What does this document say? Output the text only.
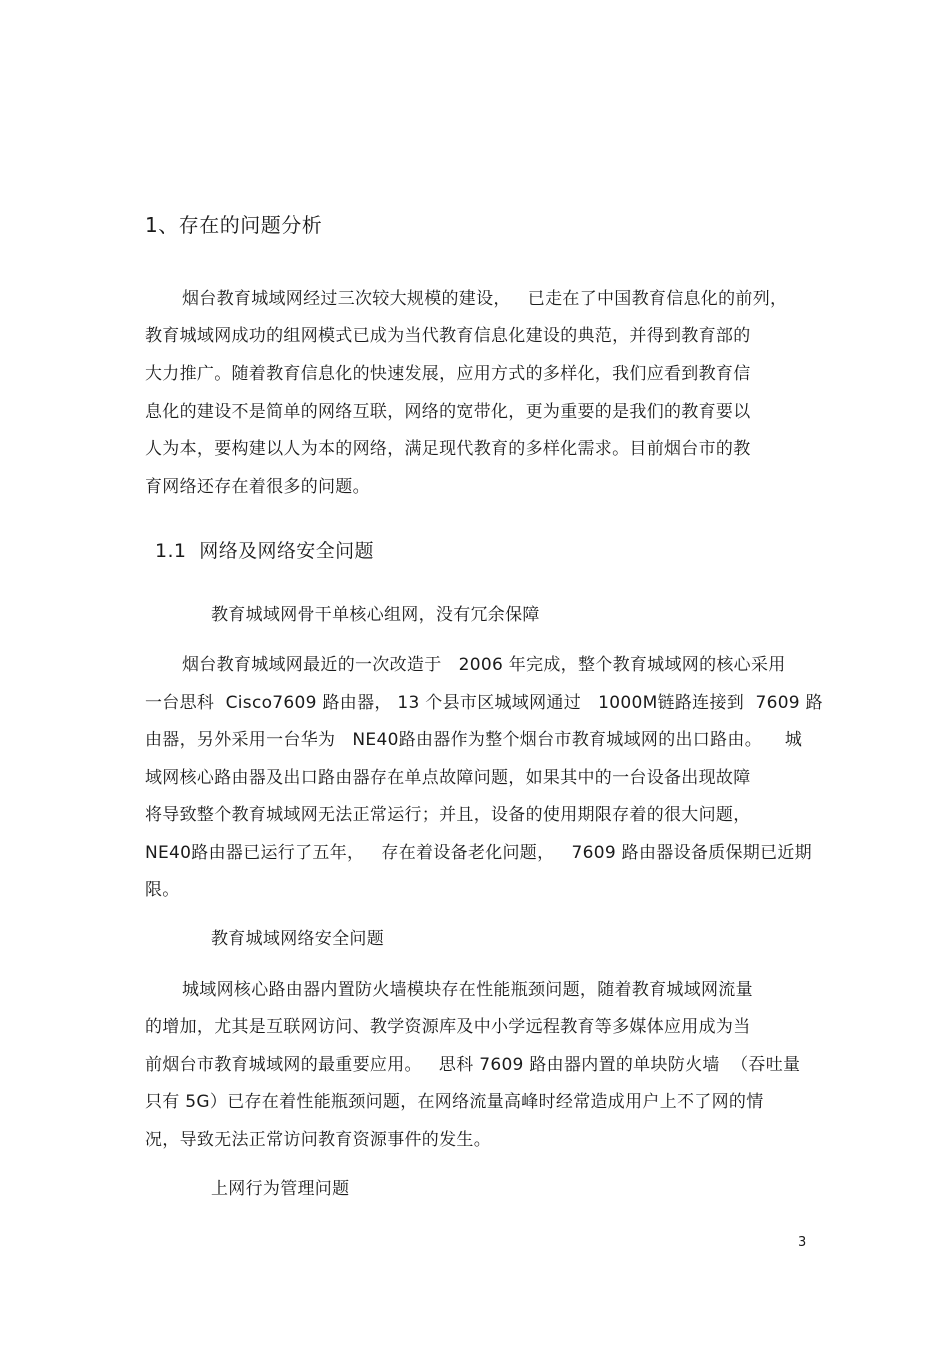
1、存在的问题分析
烟台教育城域网经过三次较大规模的建设，   已走在了中国教育信息化的前列，
教育城域网成功的组网模式已成为当代教育信息化建设的典范，并得到教育部的
大力推广。随着教育信息化的快速发展，应用方式的多样化，我们应看到教育信
息化的建设不是简单的网络互联，网络的宽带化，更为重要的是我们的教育要以
人为本，要构建以人为本的网络，满足现代教育的多样化需求。目前烟台市的教
育网络还存在着很多的问题。
1.1  网络及网络安全问题
教育城域网骨干单核心组网，没有冗余保障
烟台教育城域网最近的一次改造于   2006 年完成，整个教育城域网的核心采用
一台思科  Cisco7609 路由器， 13 个县市区城域网通过   1000M链路连接到  7609 路
由器，另外采用一台华为   NE40路由器作为整个烟台市教育城域网的出口路由。    城
域网核心路由器及出口路由器存在单点故障问题，如果其中的一台设备出现故障
将导致整个教育城域网无法正常运行；并且，设备的使用期限存着的很大问题，
NE40路由器已运行了五年，   存在着设备老化问题，   7609 路由器设备质保期已近期
限。
教育城域网络安全问题
城域网核心路由器内置防火墙模块存在性能瓶颈问题，随着教育城域网流量
的增加，尤其是互联网访问、教学资源库及中小学远程教育等多媒体应用成为当
前烟台市教育城域网的最重要应用。   思科 7609 路由器内置的单块防火墙  （吞吐量
只有 5G）已存在着性能瓶颈问题，在网络流量高峰时经常造成用户上不了网的情
况，导致无法正常访问教育资源事件的发生。
上网行为管理问题
3
